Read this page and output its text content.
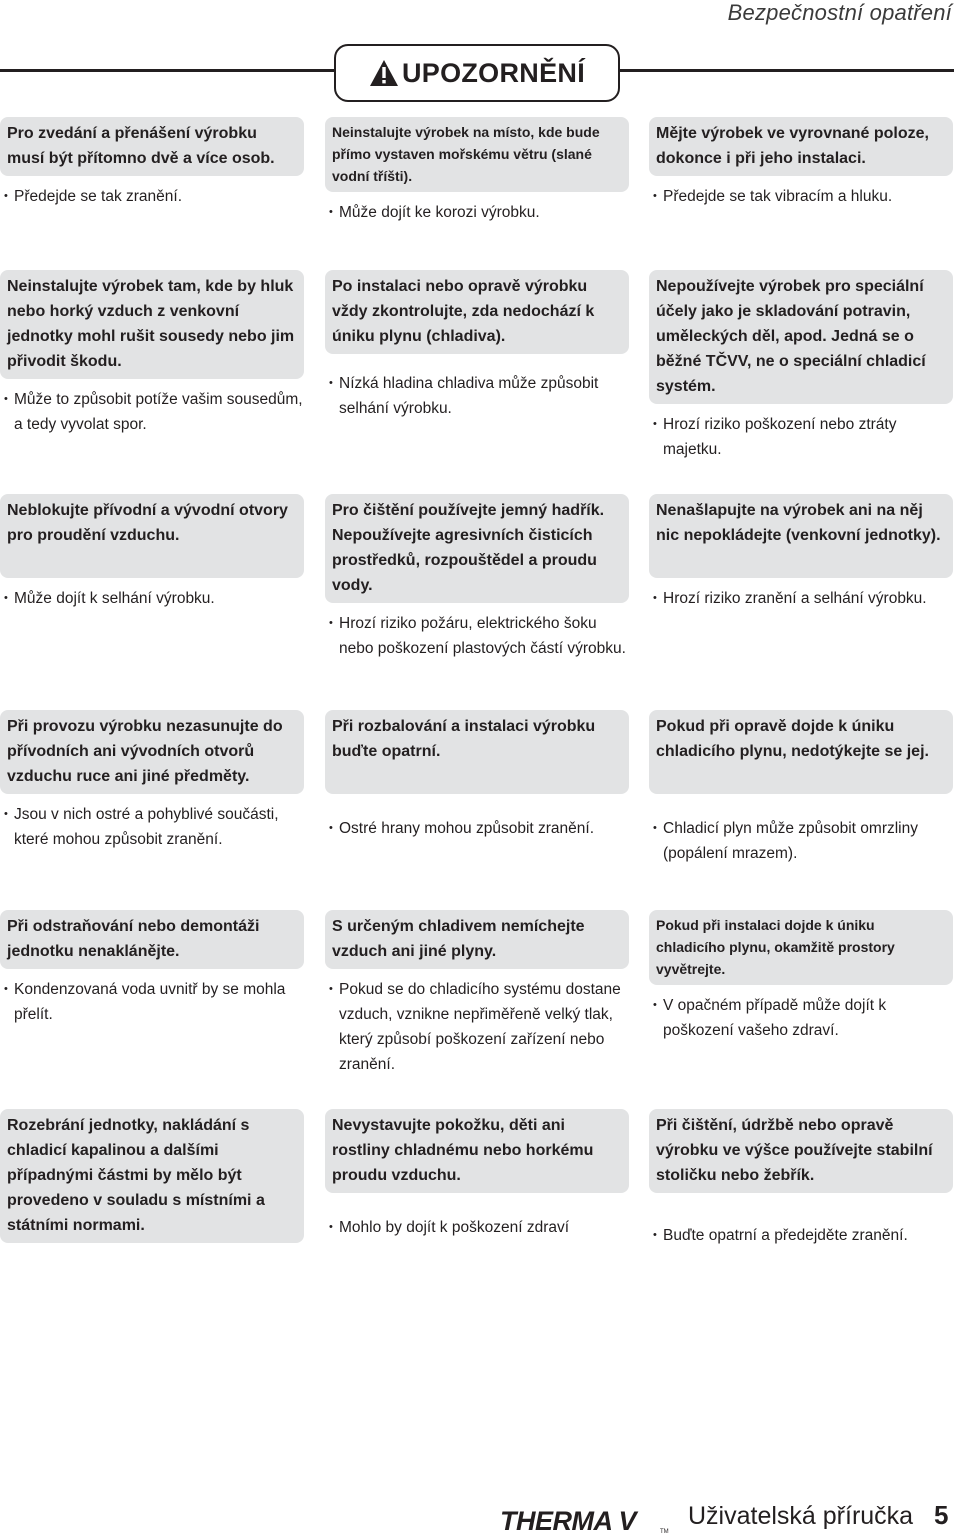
Bezpečnostní opatření
UPOZORNĚNÍ
Pro zvedání a přenášení výrobku musí být přítomno dvě a více osob.
• Předejde se tak zranění.
Neinstalujte výrobek na místo, kde bude přímo vystaven mořskému větru (slané vodní tříšti).
• Může dojít ke korozi výrobku.
Mějte výrobek ve vyrovnané poloze, dokonce i při jeho instalaci.
• Předejde se tak vibracím a hluku.
Neinstalujte výrobek tam, kde by hluk nebo horký vzduch z venkovní jednotky mohl rušit sousedy nebo jim přivodit škodu.
• Může to způsobit potíže vašim sousedům, a tedy vyvolat spor.
Po instalaci nebo opravě výrobku vždy zkontrolujte, zda nedochází k úniku plynu (chladiva).
• Nízká hladina chladiva může způsobit selhání výrobku.
Nepoužívejte výrobek pro speciální účely jako je skladování potravin, uměleckých děl, apod. Jedná se o běžné TČVV, ne o speciální chladicí systém.
• Hrozí riziko poškození nebo ztráty majetku.
Neblokujte přívodní a vývodní otvory pro proudění vzduchu.
• Může dojít k selhání výrobku.
Pro čištění používejte jemný hadřík. Nepoužívejte agresivních čisticích prostředků, rozpouštědel a proudu vody.
• Hrozí riziko požáru, elektrického šoku nebo poškození plastových částí výrobku.
Nenašlapujte na výrobek ani na něj nic nepokládejte (venkovní jednotky).
• Hrozí riziko zranění a selhání výrobku.
Při provozu výrobku nezasunujte do přívodních ani vývodních otvorů vzduchu ruce ani jiné předměty.
• Jsou v nich ostré a pohyblivé součásti, které mohou způsobit zranění.
Při rozbalování a instalaci výrobku buďte opatrní.
• Ostré hrany mohou způsobit zranění.
Pokud při opravě dojde k úniku chladicího plynu, nedotýkejte se jej.
• Chladicí plyn může způsobit omrzliny (popálení mrazem).
Při odstraňování nebo demontáži jednotku nenaklánějte.
• Kondenzovaná voda uvnitř by se mohla přelít.
S určeným chladivem nemíchejte vzduch ani jiné plyny.
• Pokud se do chladicího systému dostane vzduch, vznikne nepřiměřeně velký tlak, který způsobí poškození zařízení nebo zranění.
Pokud při instalaci dojde k úniku chladicího plynu, okamžitě prostory vyvětrejte.
• V opačném případě může dojít k poškození vašeho zdraví.
Rozebrání jednotky, nakládání s chladicí kapalinou a dalšími případnými částmi by mělo být provedeno v souladu s místními a státními normami.
Nevystavujte pokožku, děti ani rostliny chladnému nebo horkému proudu vzduchu.
• Mohlo by dojít k poškození zdraví
Při čištění, údržbě nebo opravě výrobku ve výšce používejte stabilní stoličku nebo žebřík.
• Buďte opatrní a předejděte zranění.
THERMA V	TM
Uživatelská příručka 5
